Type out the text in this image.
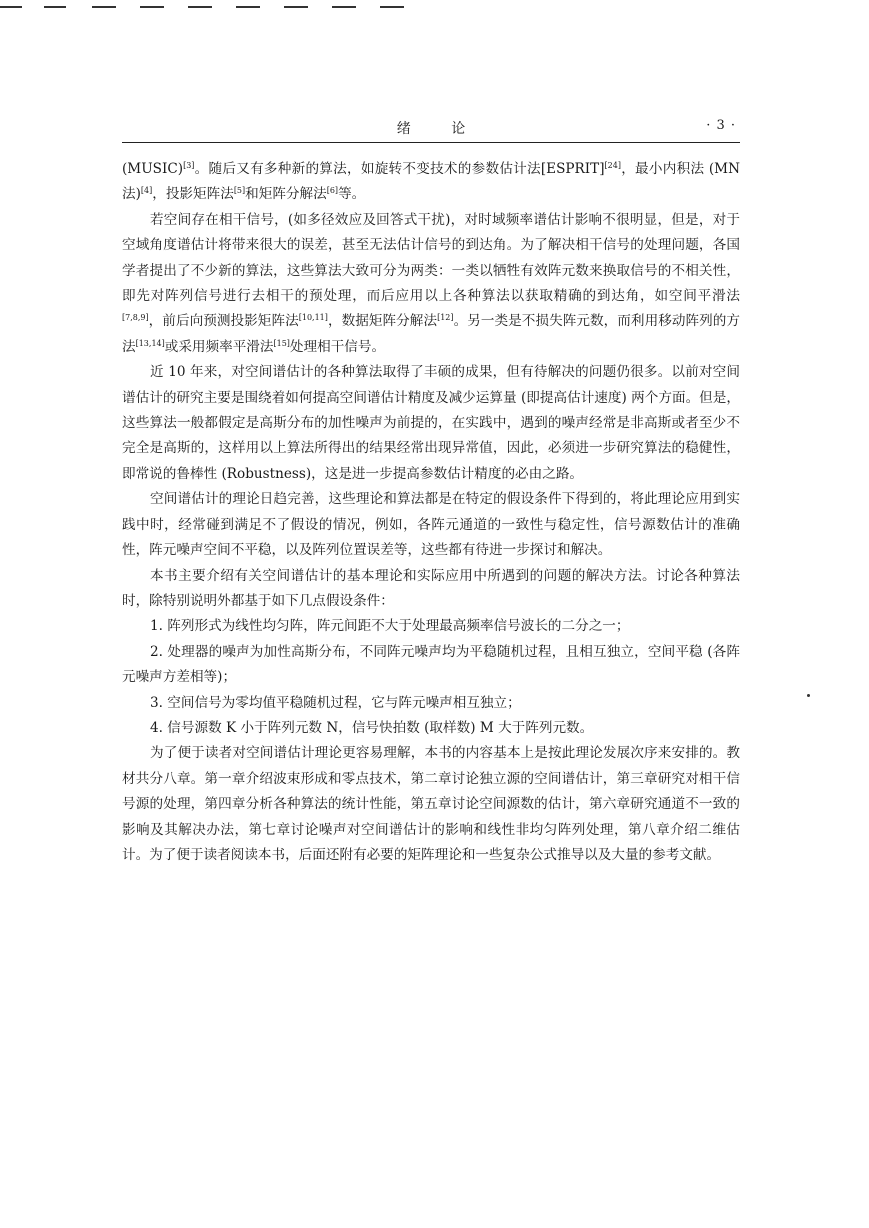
绪 论	· 3 ·

(MUSIC)[3]。随后又有多种新的算法，如旋转不变技术的参数估计法[ESPRIT][24]，最小内积法 (MN 法)[4]，投影矩阵法[5]和矩阵分解法[6]等。

若空间存在相干信号，(如多径效应及回答式干扰)，对时域频率谱估计影响不很明显，但是，对于空域角度谱估计将带来很大的误差，甚至无法估计信号的到达角。为了解决相干信号的处理问题，各国学者提出了不少新的算法，这些算法大致可分为两类：一类以牺牲有效阵元数来换取信号的不相关性，即先对阵列信号进行去相干的预处理，而后应用以上各种算法以获取精确的到达角，如空间平滑法[7,8,9]，前后向预测投影矩阵法[10,11]，数据矩阵分解法[12]。另一类是不损失阵元数，而利用移动阵列的方法[13,14]或采用频率平滑法[15]处理相干信号。

近 10 年来，对空间谱估计的各种算法取得了丰硕的成果，但有待解决的问题仍很多。以前对空间谱估计的研究主要是围绕着如何提高空间谱估计精度及减少运算量 (即提高估计速度) 两个方面。但是，这些算法一般都假定是高斯分布的加性噪声为前提的，在实践中，遇到的噪声经常是非高斯或者至少不完全是高斯的，这样用以上算法所得出的结果经常出现异常值，因此，必须进一步研究算法的稳健性，即常说的鲁棒性 (Robustness)，这是进一步提高参数估计精度的必由之路。

空间谱估计的理论日趋完善，这些理论和算法都是在特定的假设条件下得到的，将此理论应用到实践中时，经常碰到满足不了假设的情况，例如，各阵元通道的一致性与稳定性，信号源数估计的准确性，阵元噪声空间不平稳，以及阵列位置误差等，这些都有待进一步探讨和解决。

本书主要介绍有关空间谱估计的基本理论和实际应用中所遇到的问题的解决方法。讨论各种算法时，除特别说明外都基于如下几点假设条件：

1. 阵列形式为线性均匀阵，阵元间距不大于处理最高频率信号波长的二分之一；

2. 处理器的噪声为加性高斯分布，不同阵元噪声均为平稳随机过程，且相互独立，空间平稳 (各阵元噪声方差相等)；

3. 空间信号为零均值平稳随机过程，它与阵元噪声相互独立；

4. 信号源数 K 小于阵列元数 N，信号快拍数 (取样数) M 大于阵列元数。

为了便于读者对空间谱估计理论更容易理解，本书的内容基本上是按此理论发展次序来安排的。教材共分八章。第一章介绍波束形成和零点技术，第二章讨论独立源的空间谱估计，第三章研究对相干信号源的处理，第四章分析各种算法的统计性能，第五章讨论空间源数的估计，第六章研究通道不一致的影响及其解决办法，第七章讨论噪声对空间谱估计的影响和线性非均匀阵列处理，第八章介绍二维估计。为了便于读者阅读本书，后面还附有必要的矩阵理论和一些复杂公式推导以及大量的参考文献。
